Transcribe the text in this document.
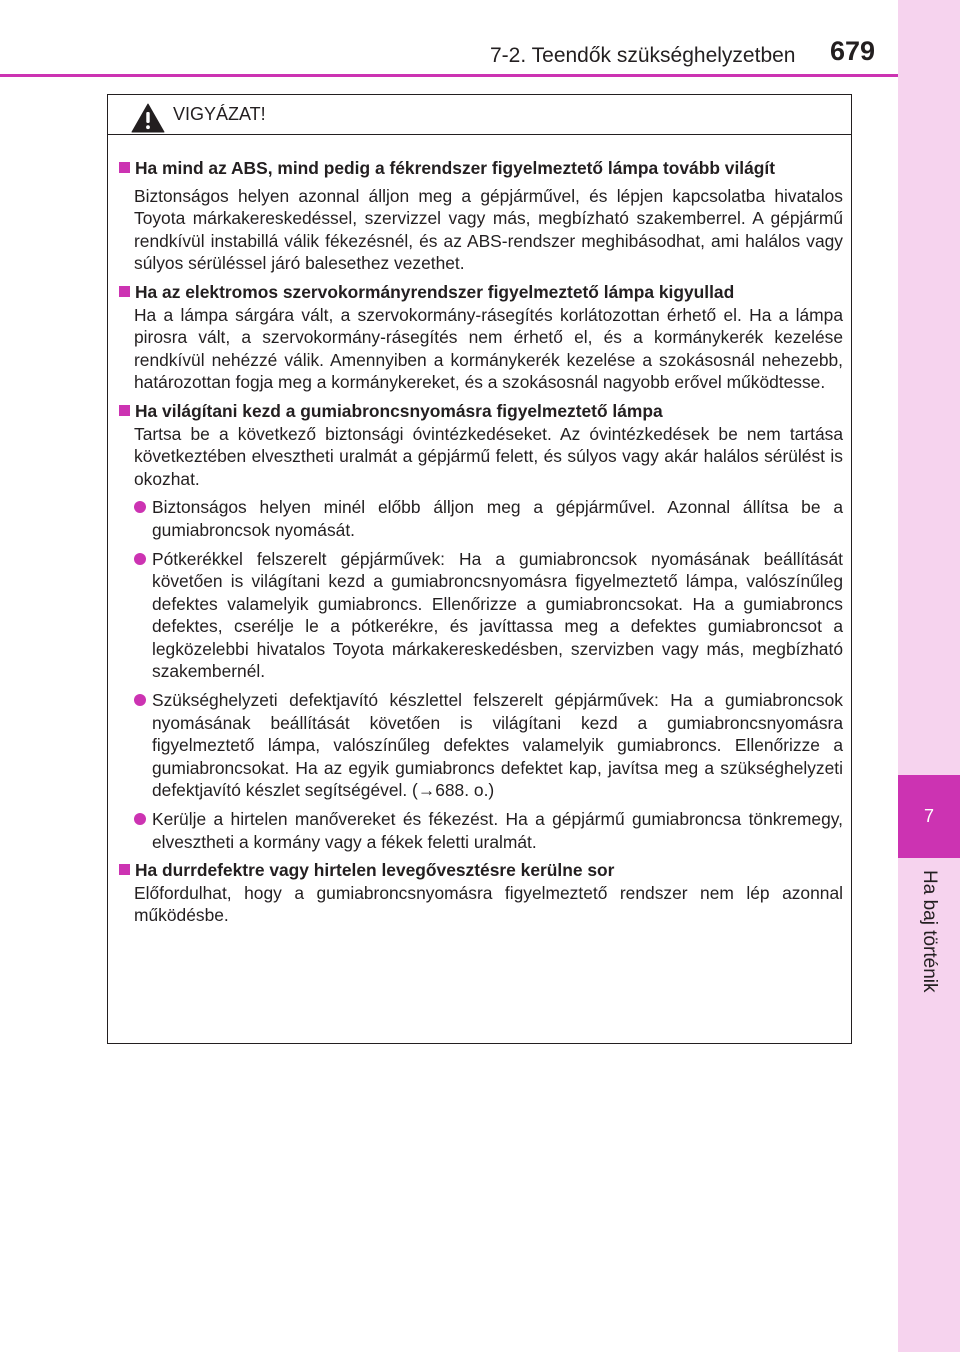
7
Ha baj történik
7-2. Teendők szükséghelyzetben 679
VIGYÁZAT!
Ha mind az ABS, mind pedig a fékrendszer figyelmeztető lámpa tovább világít
Biztonságos helyen azonnal álljon meg a gépjárművel, és lépjen kapcsolatba hivatalos Toyota márkakereskedéssel, szervizzel vagy más, megbízható szakemberrel. A gépjármű rendkívül instabillá válik fékezésnél, és az ABS-rendszer meghibásodhat, ami halálos vagy súlyos sérüléssel járó balesethez vezethet.
Ha az elektromos szervokormányrendszer figyelmeztető lámpa kigyullad
Ha a lámpa sárgára vált, a szervokormány-rásegítés korlátozottan érhető el. Ha a lámpa pirosra vált, a szervokormány-rásegítés nem érhető el, és a kormánykerék kezelése rendkívül nehézzé válik. Amennyiben a kormánykerék kezelése a szokásosnál nehezebb, határozottan fogja meg a kormánykereket, és a szokásosnál nagyobb erővel működtesse.
Ha világítani kezd a gumiabroncsnyomásra figyelmeztető lámpa
Tartsa be a következő biztonsági óvintézkedéseket. Az óvintézkedések be nem tartása következtében elvesztheti uralmát a gépjármű felett, és súlyos vagy akár halálos sérülést is okozhat.
Biztonságos helyen minél előbb álljon meg a gépjárművel. Azonnal állítsa be a gumiabroncsok nyomását.
Pótkerékkel felszerelt gépjárművek: Ha a gumiabroncsok nyomásának beállítását követően is világítani kezd a gumiabroncsnyomásra figyelmeztető lámpa, valószínűleg defektes valamelyik gumiabroncs. Ellenőrizze a gumiabroncsokat. Ha a gumiabroncs defektes, cserélje le a pótkerékre, és javíttassa meg a defektes gumiabroncsot a legközelebbi hivatalos Toyota márkakereskedésben, szervizben vagy más, megbízható szakembernél.
Szükséghelyzeti defektjavító készlettel felszerelt gépjárművek: Ha a gumiabroncsok nyomásának beállítását követően is világítani kezd a gumiabroncsnyomásra figyelmeztető lámpa, valószínűleg defektes valamelyik gumiabroncs. Ellenőrizze a gumiabroncsokat. Ha az egyik gumiabroncs defektet kap, javítsa meg a szükséghelyzeti defektjavító készlet segítségével. (→688. o.)
Kerülje a hirtelen manővereket és fékezést. Ha a gépjármű gumiabroncsa tönkremegy, elvesztheti a kormány vagy a fékek feletti uralmát.
Ha durrdefektre vagy hirtelen levegővesztésre kerülne sor
Előfordulhat, hogy a gumiabroncsnyomásra figyelmeztető rendszer nem lép azonnal működésbe.
